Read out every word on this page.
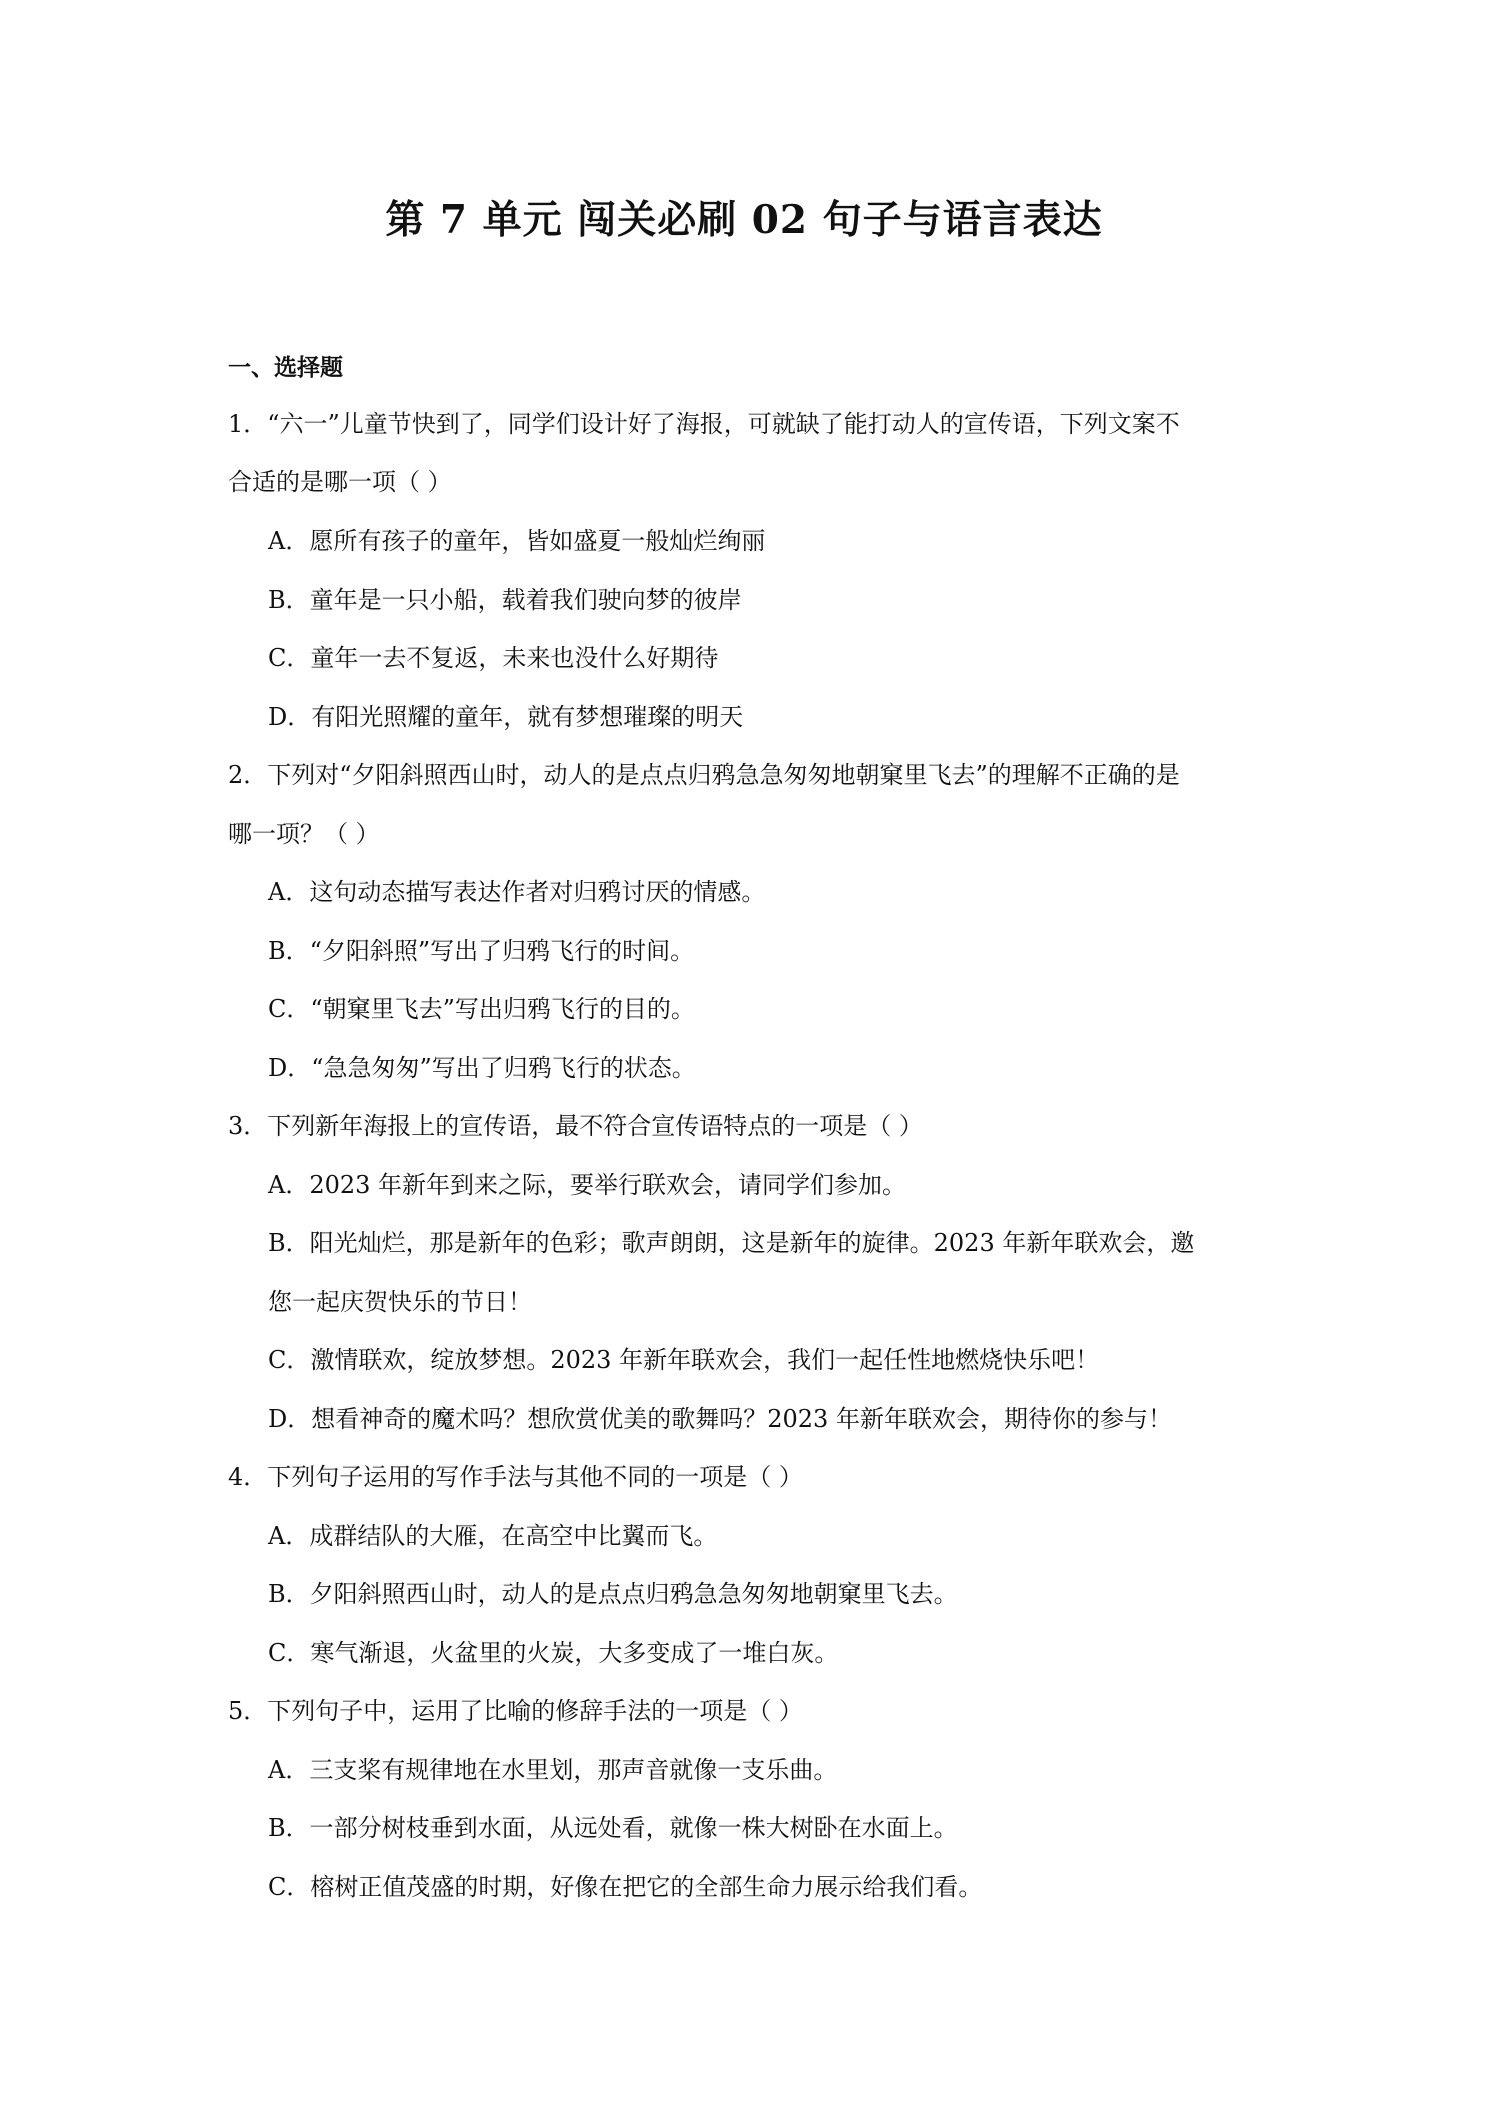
第 7 单元 闯关必刷 02 句子与语言表达
一、选择题
1．“六一”儿童节快到了，同学们设计好了海报，可就缺了能打动人的宣传语，下列文案不
合适的是哪一项（ ）
A．愿所有孩子的童年，皆如盛夏一般灿烂绚丽
B．童年是一只小船，载着我们驶向梦的彼岸
C．童年一去不复返，未来也没什么好期待
D．有阳光照耀的童年，就有梦想璀璨的明天
2．下列对“夕阳斜照西山时，动人的是点点归鸦急急匆匆地朝窠里飞去”的理解不正确的是
哪一项？（ ）
A．这句动态描写表达作者对归鸦讨厌的情感。
B．“夕阳斜照”写出了归鸦飞行的时间。
C．“朝窠里飞去”写出归鸦飞行的目的。
D．“急急匆匆”写出了归鸦飞行的状态。
3．下列新年海报上的宣传语，最不符合宣传语特点的一项是（ ）
A．2023 年新年到来之际，要举行联欢会，请同学们参加。
B．阳光灿烂，那是新年的色彩；歌声朗朗，这是新年的旋律。2023 年新年联欢会，邀
您一起庆贺快乐的节日！
C．激情联欢，绽放梦想。2023 年新年联欢会，我们一起任性地燃烧快乐吧！
D．想看神奇的魔术吗？想欣赏优美的歌舞吗？2023 年新年联欢会，期待你的参与！
4．下列句子运用的写作手法与其他不同的一项是（ ）
A．成群结队的大雁，在高空中比翼而飞。
B．夕阳斜照西山时，动人的是点点归鸦急急匆匆地朝窠里飞去。
C．寒气渐退，火盆里的火炭，大多变成了一堆白灰。
5．下列句子中，运用了比喻的修辞手法的一项是（ ）
A．三支桨有规律地在水里划，那声音就像一支乐曲。
B．一部分树枝垂到水面，从远处看，就像一株大树卧在水面上。
C．榕树正值茂盛的时期，好像在把它的全部生命力展示给我们看。
